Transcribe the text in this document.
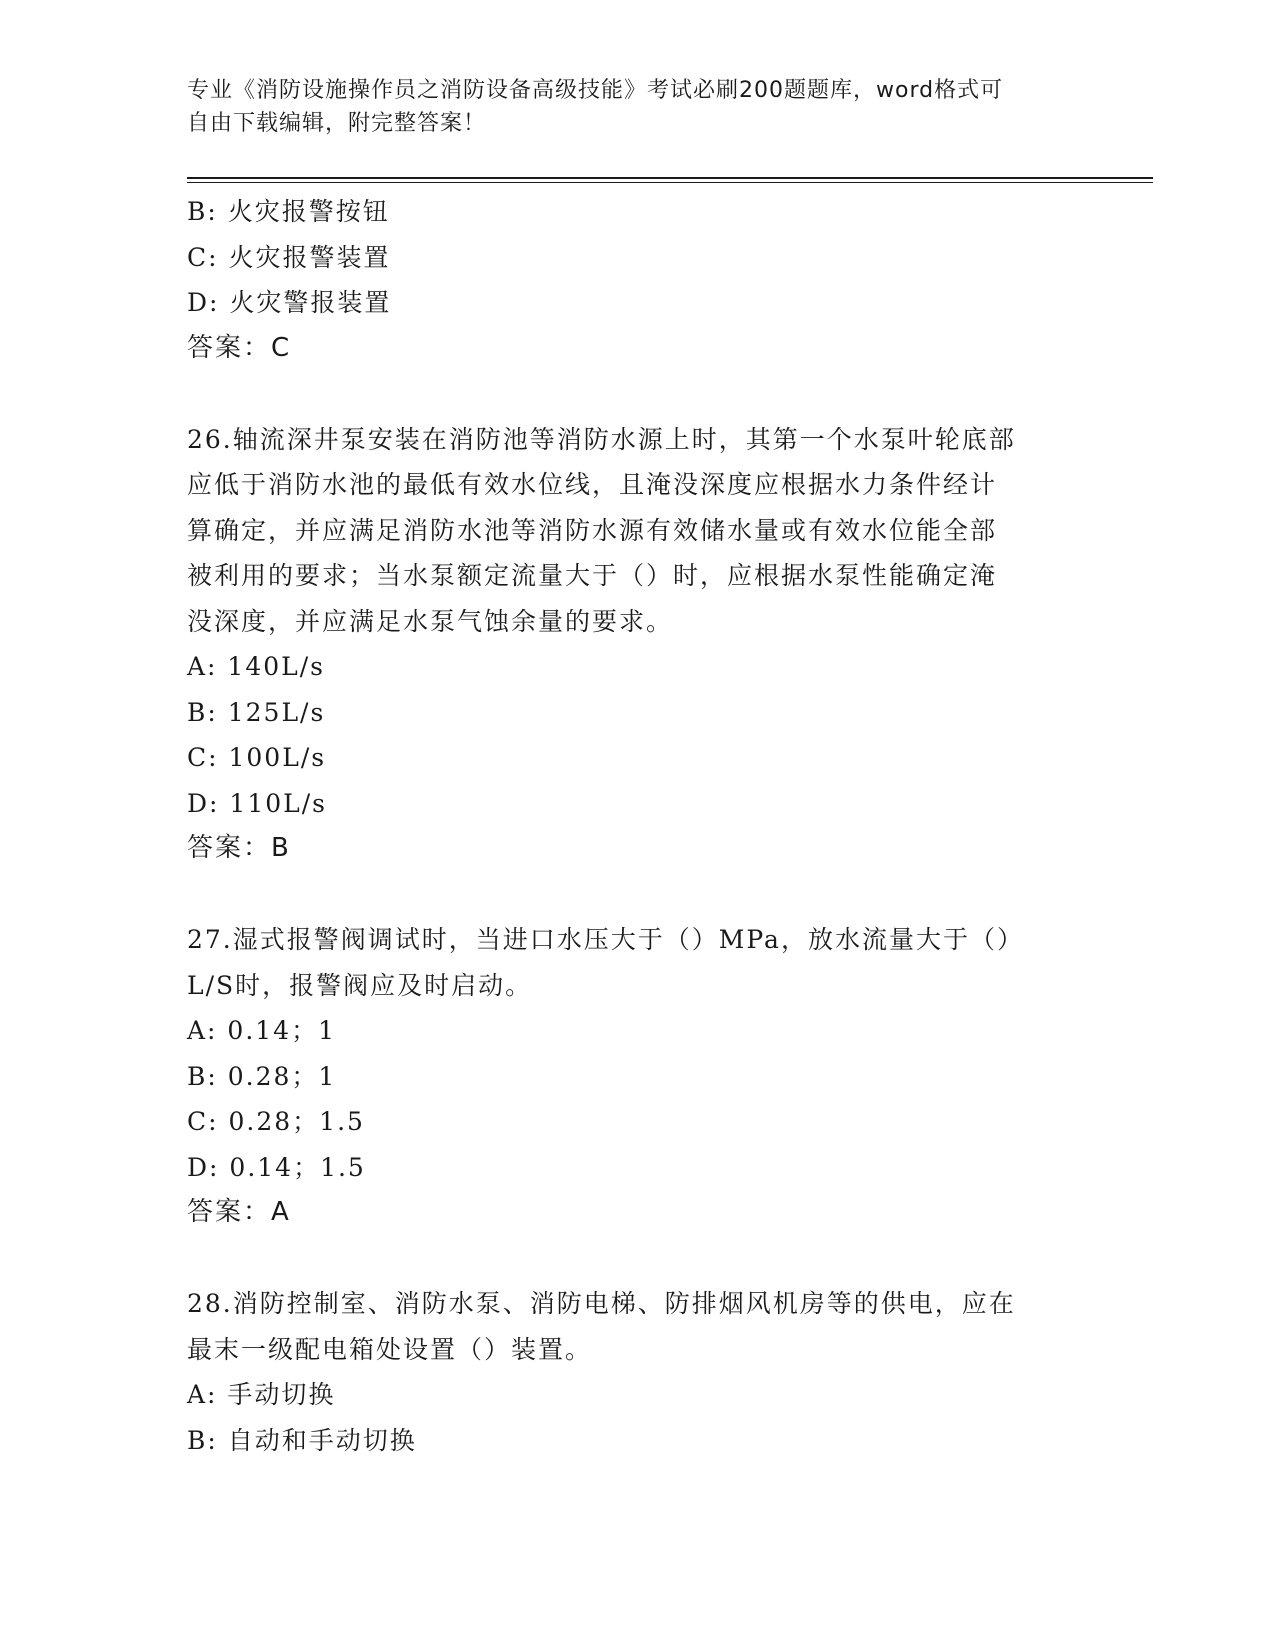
专业《消防设施操作员之消防设备高级技能》考试必刷200题题库，word格式可
自由下载编辑，附完整答案！
B: 火灾报警按钮
C: 火灾报警装置
D: 火灾警报装置
答案：C
26.轴流深井泵安装在消防池等消防水源上时，其第一个水泵叶轮底部
应低于消防水池的最低有效水位线，且淹没深度应根据水力条件经计
算确定，并应满足消防水池等消防水源有效储水量或有效水位能全部
被利用的要求；当水泵额定流量大于（）时，应根据水泵性能确定淹
没深度，并应满足水泵气蚀余量的要求。
A: 140L/s
B: 125L/s
C: 100L/s
D: 110L/s
答案：B
27.湿式报警阀调试时，当进口水压大于（）MPa，放水流量大于（）
L/S时，报警阀应及时启动。
A: 0.14；1
B: 0.28；1
C: 0.28；1.5
D: 0.14；1.5
答案：A
28.消防控制室、消防水泵、消防电梯、防排烟风机房等的供电，应在
最末一级配电箱处设置（）装置。
A: 手动切换
B: 自动和手动切换
